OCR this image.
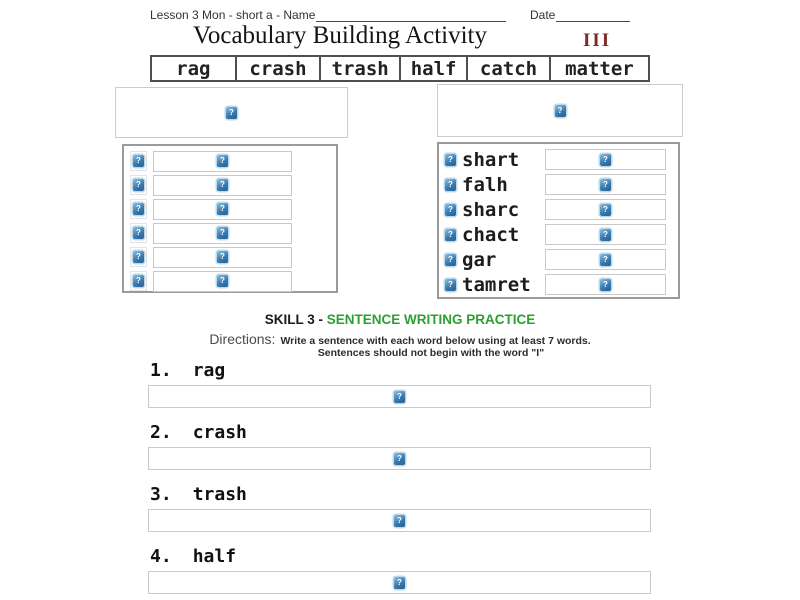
Lesson 3 Mon - short a - Name	Date
Vocabulary Building Activity	III
rag	crash	trash	half	catch	matter
?	?
?	?
?	?
?	?
?	?
?	?
?	?
? shart	?
? falh	?
? sharc	?
? chact	?
? gar	?
? tamret	?
SKILL 3 - SENTENCE WRITING PRACTICE
Directions: Write a sentence with each word below using at least 7 words.
Sentences should not begin with the word "I"
1. rag
?
2. crash
?
3. trash
?
4. half
?
